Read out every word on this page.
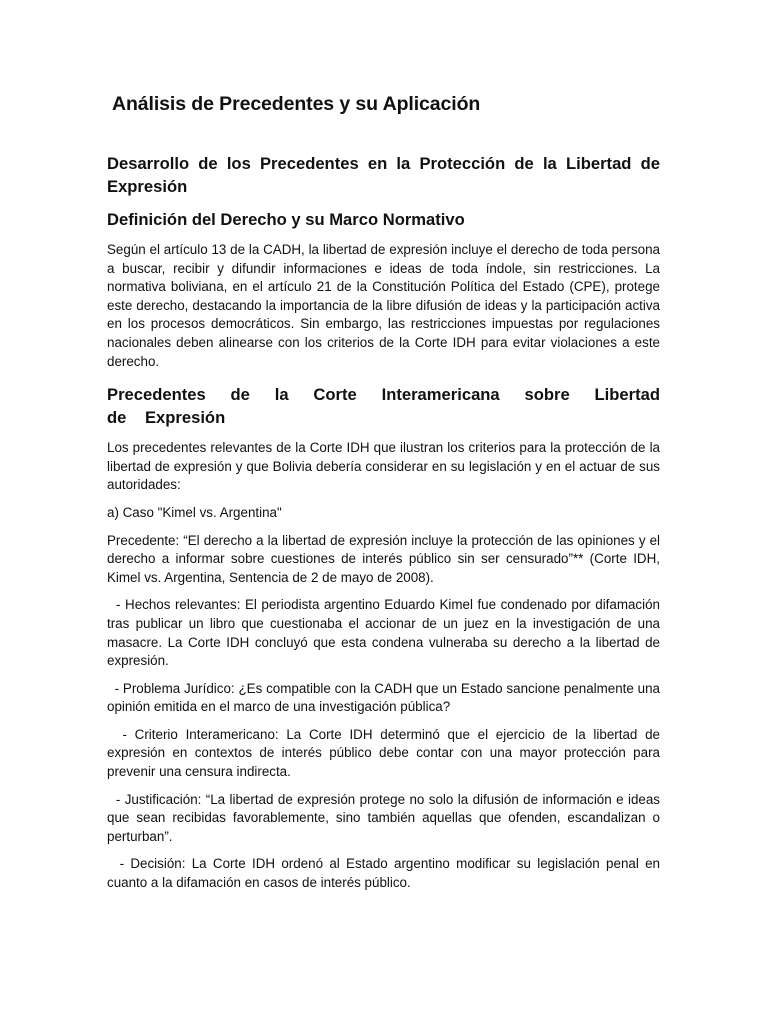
Análisis de Precedentes y su Aplicación
Desarrollo de los Precedentes en la Protección de la Libertad de Expresión
Definición del Derecho y su Marco Normativo

Según el artículo 13 de la CADH, la libertad de expresión incluye el derecho de toda persona a buscar, recibir y difundir informaciones e ideas de toda índole, sin restricciones. La normativa boliviana, en el artículo 21 de la Constitución Política del Estado (CPE), protege este derecho, destacando la importancia de la libre difusión de ideas y la participación activa en los procesos democráticos. Sin embargo, las restricciones impuestas por regulaciones nacionales deben alinearse con los criterios de la Corte IDH para evitar violaciones a este derecho.

Precedentes de la Corte Interamericana sobre Libertad de Expresión

Los precedentes relevantes de la Corte IDH que ilustran los criterios para la protección de la libertad de expresión y que Bolivia debería considerar en su legislación y en el actuar de sus autoridades:

a) Caso "Kimel vs. Argentina"

Precedente: “El derecho a la libertad de expresión incluye la protección de las opiniones y el derecho a informar sobre cuestiones de interés público sin ser censurado”** (Corte IDH, Kimel vs. Argentina, Sentencia de 2 de mayo de 2008).

- Hechos relevantes: El periodista argentino Eduardo Kimel fue condenado por difamación tras publicar un libro que cuestionaba el accionar de un juez en la investigación de una masacre. La Corte IDH concluyó que esta condena vulneraba su derecho a la libertad de expresión.

- Problema Jurídico: ¿Es compatible con la CADH que un Estado sancione penalmente una opinión emitida en el marco de una investigación pública?

- Criterio Interamericano: La Corte IDH determinó que el ejercicio de la libertad de expresión en contextos de interés público debe contar con una mayor protección para prevenir una censura indirecta.

- Justificación: “La libertad de expresión protege no solo la difusión de información e ideas que sean recibidas favorablemente, sino también aquellas que ofenden, escandalizan o perturban”.

- Decisión: La Corte IDH ordenó al Estado argentino modificar su legislación penal en cuanto a la difamación en casos de interés público.
